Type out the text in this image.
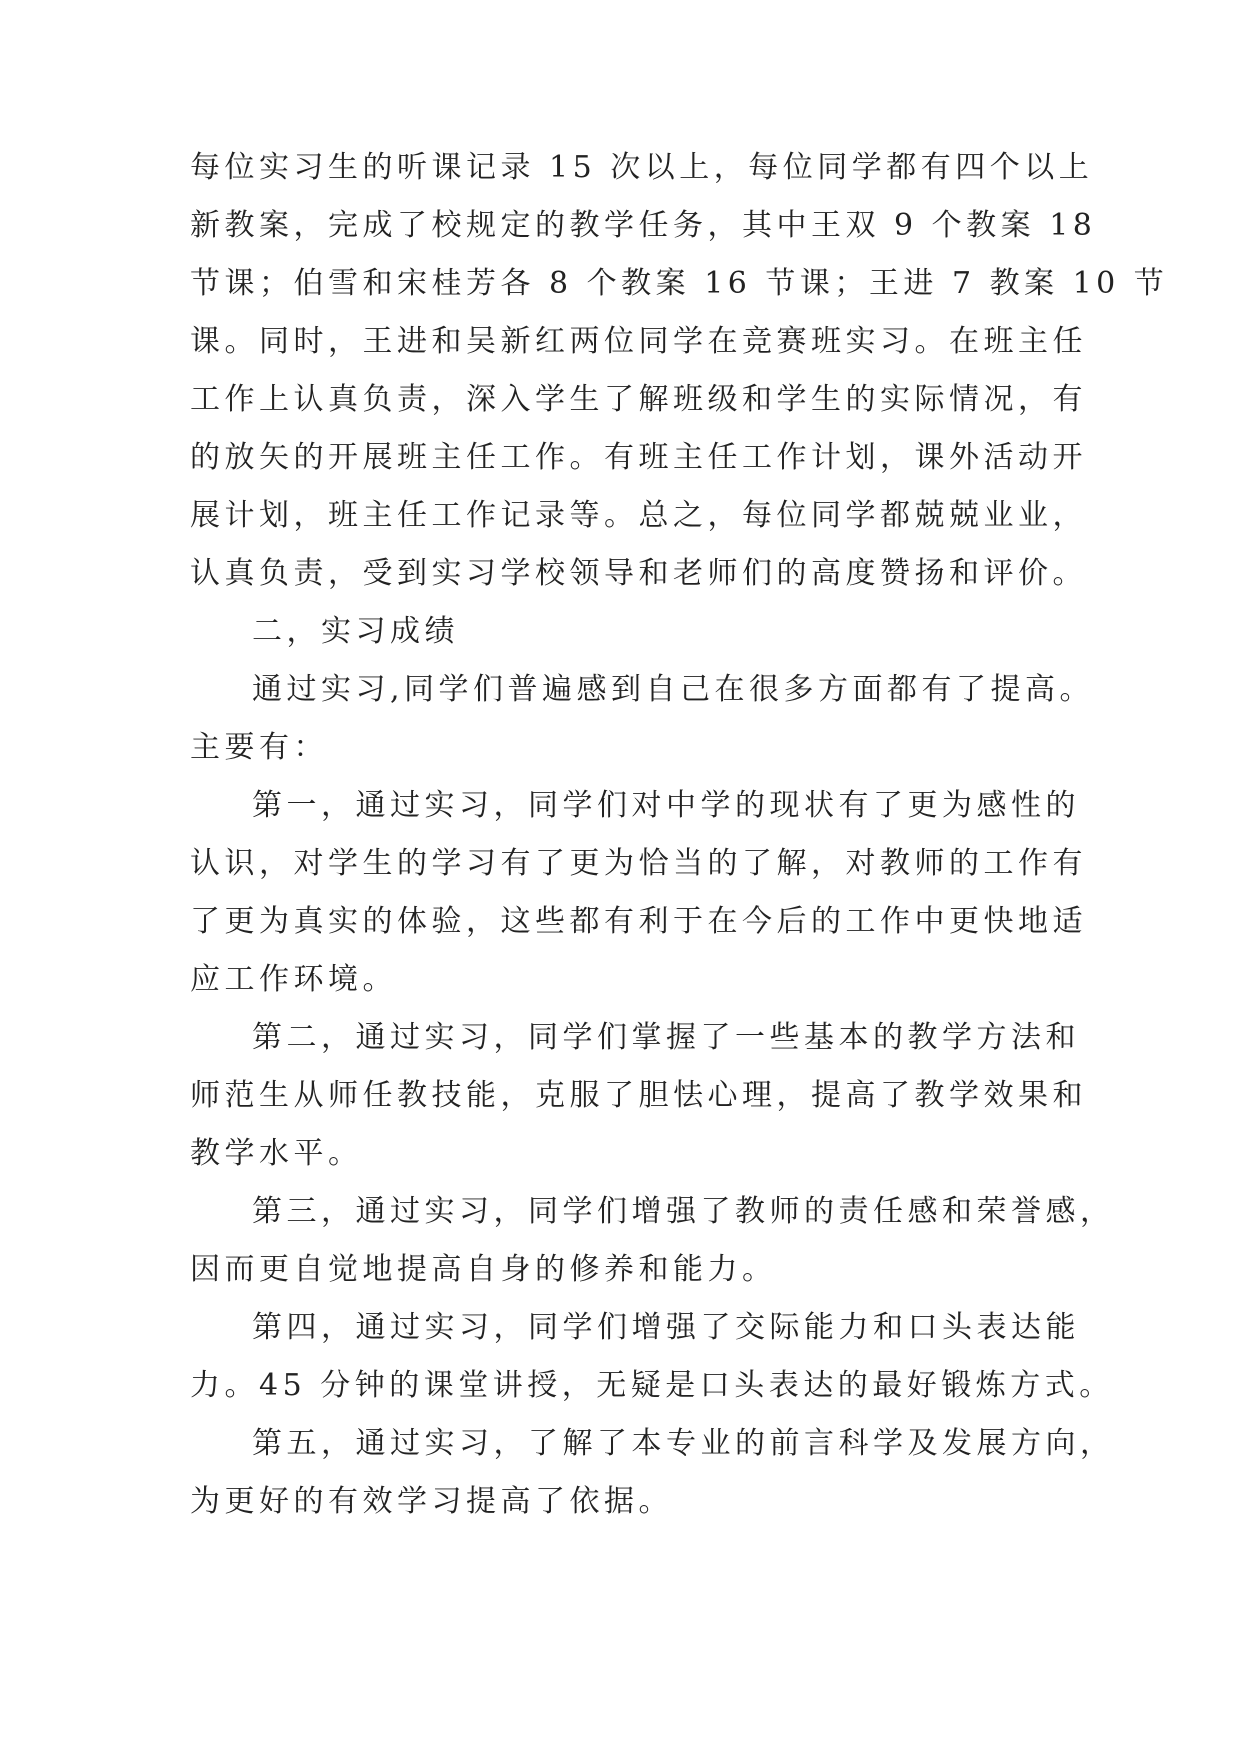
每位实习生的听课记录 15 次以上，每位同学都有四个以上
新教案，完成了校规定的教学任务，其中王双 9 个教案 18
节课；伯雪和宋桂芳各 8 个教案 16 节课；王进 7 教案 10 节
课。同时，王进和吴新红两位同学在竞赛班实习。在班主任
工作上认真负责，深入学生了解班级和学生的实际情况，有
的放矢的开展班主任工作。有班主任工作计划，课外活动开
展计划，班主任工作记录等。总之，每位同学都兢兢业业，
认真负责，受到实习学校领导和老师们的高度赞扬和评价。
二，实习成绩
通过实习,同学们普遍感到自己在很多方面都有了提高。
主要有：
第一，通过实习，同学们对中学的现状有了更为感性的
认识，对学生的学习有了更为恰当的了解，对教师的工作有
了更为真实的体验，这些都有利于在今后的工作中更快地适
应工作环境。
第二，通过实习，同学们掌握了一些基本的教学方法和
师范生从师任教技能，克服了胆怯心理，提高了教学效果和
教学水平。
第三，通过实习，同学们增强了教师的责任感和荣誉感，
因而更自觉地提高自身的修养和能力。
第四，通过实习，同学们增强了交际能力和口头表达能
力。45 分钟的课堂讲授，无疑是口头表达的最好锻炼方式。
第五，通过实习，了解了本专业的前言科学及发展方向，
为更好的有效学习提高了依据。
